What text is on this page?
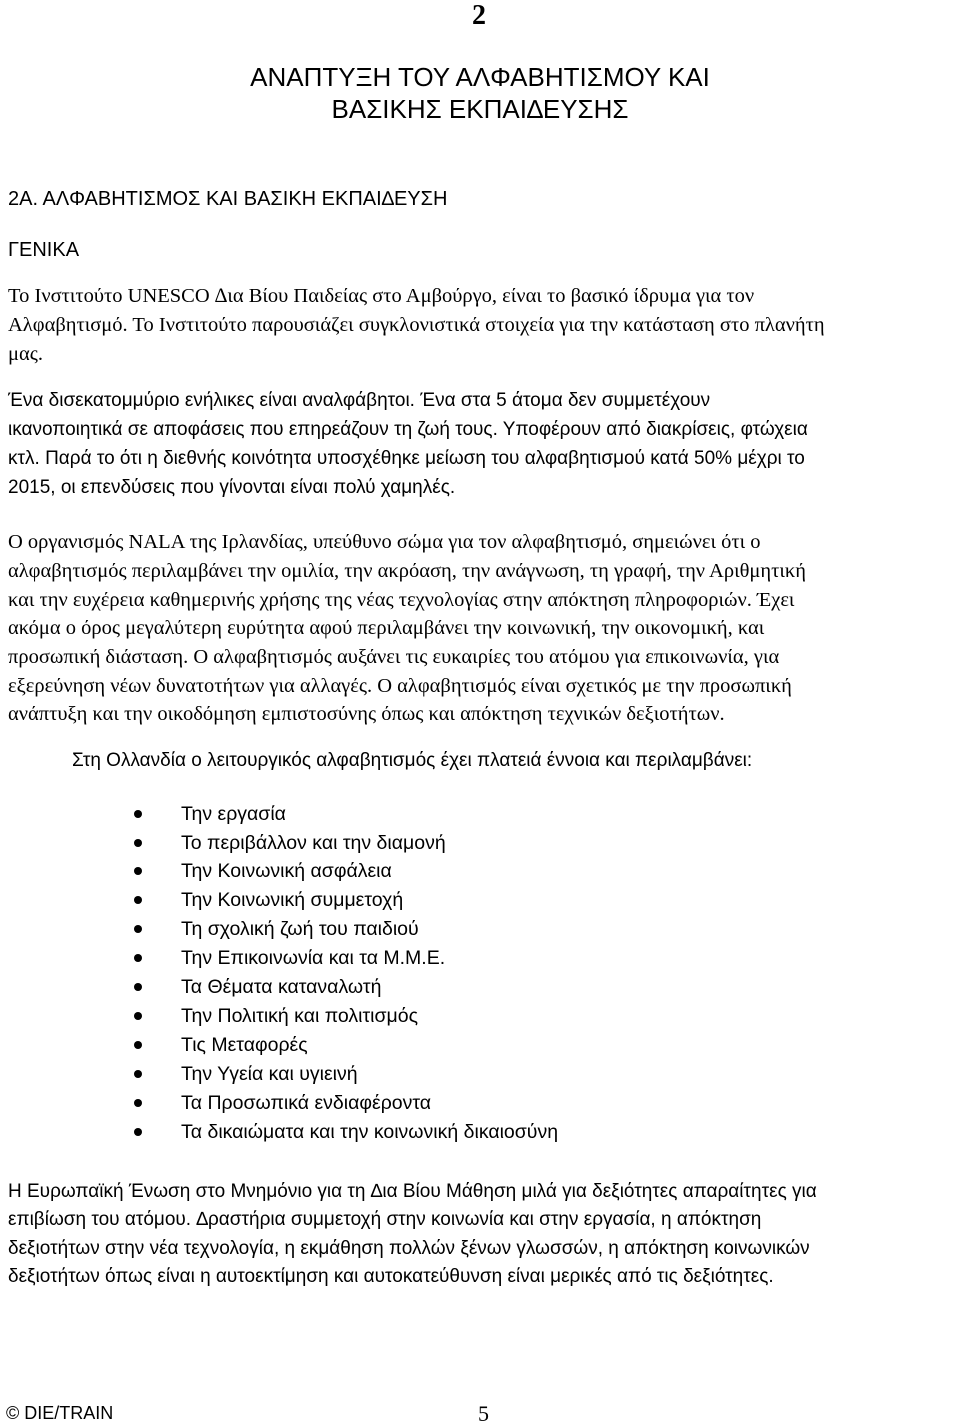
2
ΑΝΑΠΤΥΞΗ ΤΟΥ ΑΛΦΑΒΗΤΙΣΜΟΥ ΚΑΙ
ΒΑΣΙΚΗΣ ΕΚΠΑΙ∆ΕΥΣΗΣ
2Α. ΑΛΦΑΒΗΤΙΣΜΟΣ ΚΑΙ ΒΑΣΙΚΗ ΕΚΠΑΙ∆ΕΥΣΗ
ΓΕΝΙΚΑ
Το Ινστιτούτο UNESCO ∆ια Βίου Παιδείας στο Αμβούργο, είναι το βασικό ίδρυμα για τον
Αλφαβητισμό. Το Ινστιτούτο παρουσιάζει συγκλονιστικά στοιχεία για την κατάσταση στο πλανήτη
μας.
Ένα δισεκατομμύριο ενήλικες είναι αναλφάβητοι. Ένα στα 5 άτομα δεν συμμετέχουν
ικανοποιητικά σε αποφάσεις που επηρεάζουν τη ζωή τους. Υποφέρουν από διακρίσεις, φτώχεια
κτλ. Παρά το ότι η διεθνής κοινότητα υποσχέθηκε μείωση του αλφαβητισμού κατά 50% μέχρι το
2015, οι επενδύσεις που γίνονται είναι πολύ χαμηλές.
Ο οργανισμός NALA της Ιρλανδίας, υπεύθυνο σώμα για τον αλφαβητισμό, σημειώνει ότι ο
αλφαβητισμός περιλαμβάνει την ομιλία, την ακρόαση, την ανάγνωση, τη γραφή, την Αριθμητική
και την ευχέρεια καθημερινής χρήσης της νέας τεχνολογίας στην απόκτηση πληροφοριών. Έχει
ακόμα ο όρος μεγαλύτερη ευρύτητα αφού περιλαμβάνει την κοινωνική, την οικονομική, και
προσωπική διάσταση. Ο αλφαβητισμός αυξάνει τις ευκαιρίες του ατόμου για επικοινωνία, για
εξερεύνηση νέων δυνατοτήτων για αλλαγές. Ο αλφαβητισμός είναι σχετικός με την προσωπική
ανάπτυξη και την οικοδόμηση εμπιστοσύνης όπως και απόκτηση τεχνικών δεξιοτήτων.
Στη Ολλανδία ο λειτουργικός αλφαβητισμός έχει πλατειά έννοια και περιλαμβάνει:
Την εργασία
Το περιβάλλον και την διαμονή
Την Κοινωνική ασφάλεια
Την Κοινωνική συμμετοχή
Τη σχολική ζωή του παιδιού
Την Επικοινωνία και τα Μ.Μ.Ε.
Τα Θέματα καταναλωτή
Την Πολιτική και πολιτισμός
Τις Μεταφορές
Την Υγεία και υγιεινή
Τα Προσωπικά ενδιαφέροντα
Τα δικαιώματα και την κοινωνική δικαιοσύνη
Η Ευρωπαϊκή Ένωση στο Μνημόνιο για τη ∆ια Βίου Μάθηση μιλά για δεξιότητες απαραίτητες για
επιβίωση του ατόμου. ∆ραστήρια συμμετοχή στην κοινωνία και στην εργασία, η απόκτηση
δεξιοτήτων στην νέα τεχνολογία, η εκμάθηση πολλών ξένων γλωσσών, η απόκτηση κοινωνικών
δεξιοτήτων όπως είναι η αυτοεκτίμηση και αυτοκατεύθυνση είναι μερικές από τις δεξιότητες.
© DIE/TRAIN	5
